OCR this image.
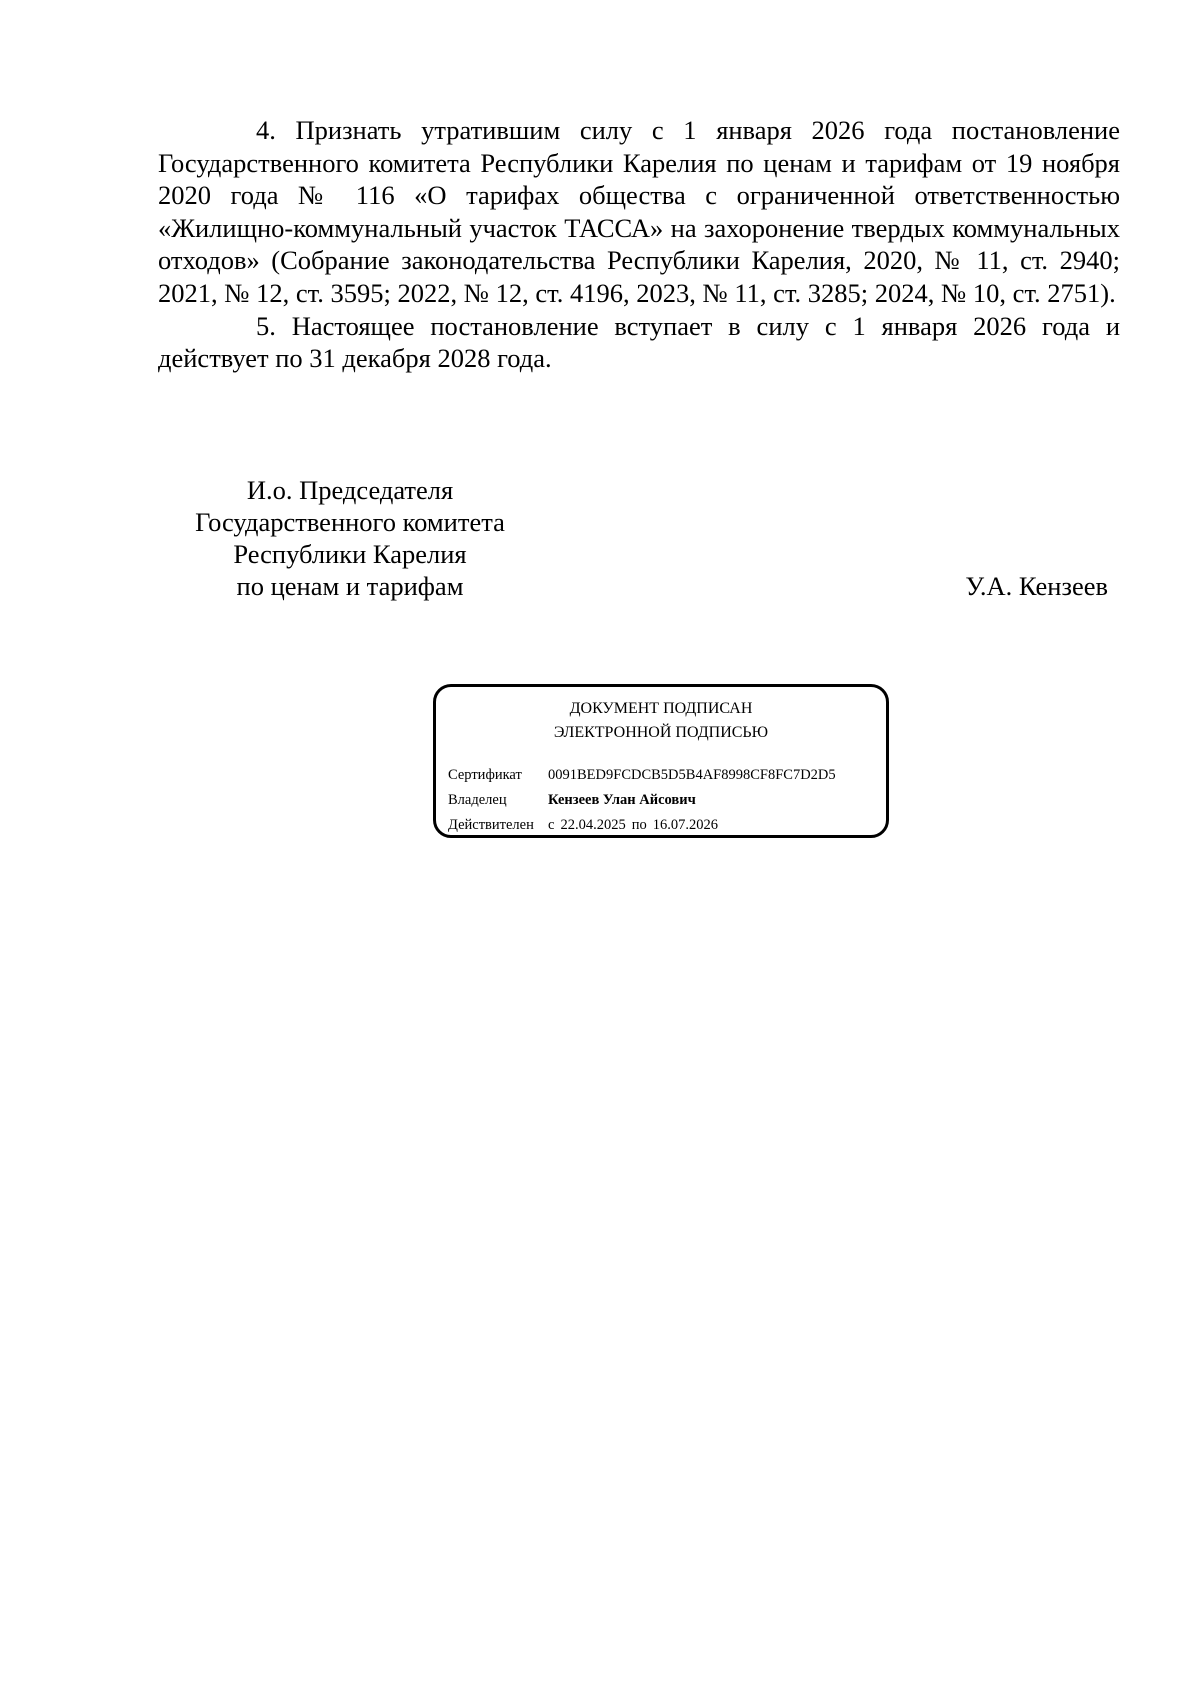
4. Признать утратившим силу с 1 января 2026 года постановление Государственного комитета Республики Карелия по ценам и тарифам от 19 ноября 2020 года № 116 «О тарифах общества с ограниченной ответственностью «Жилищно-коммунальный участок ТАССА» на захоронение твердых коммунальных отходов» (Собрание законодательства Республики Карелия, 2020, № 11, ст. 2940; 2021, № 12, ст. 3595; 2022, № 12, ст. 4196, 2023, № 11, ст. 3285; 2024, № 10, ст. 2751).

5. Настоящее постановление вступает в силу с 1 января 2026 года и действует по 31 декабря 2028 года.

И.о. Председателя
Государственного комитета
Республики Карелия
по ценам и тарифам	У.А. Кензеев
ДОКУМЕНТ ПОДПИСАН
ЭЛЕКТРОННОЙ ПОДПИСЬЮ
Сертификат 0091BED9FCDCB5D5B4AF8998CF8FC7D2D5
Владелец	Кензеев Улан Айсович
Действителен с 22.04.2025 по 16.07.2026
